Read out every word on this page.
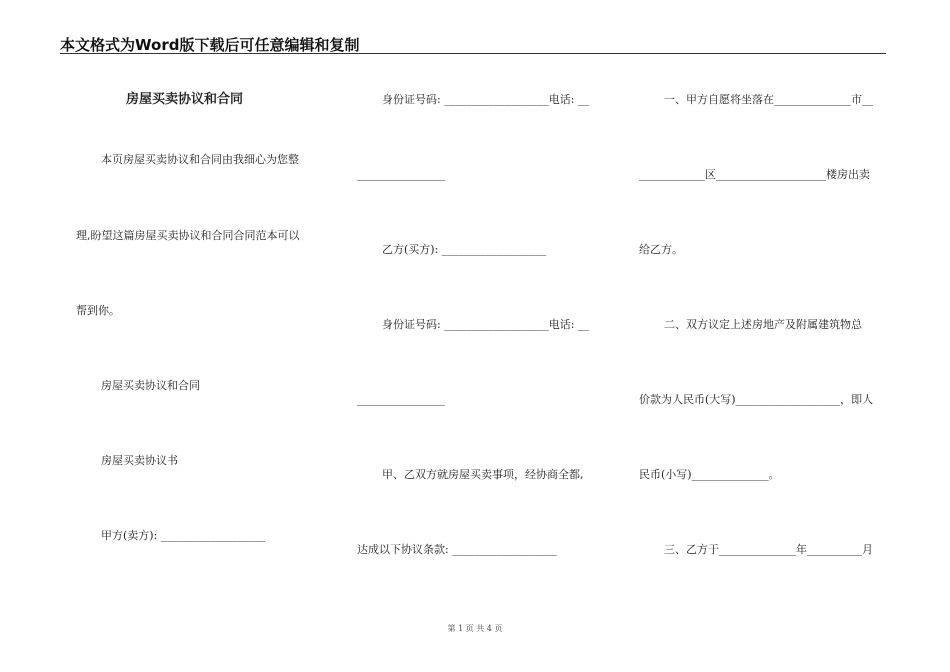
本文格式为Word版下载后可任意编辑和复制
房屋买卖协议和合同
本页房屋买卖协议和合同由我细心为您整
理,盼望这篇房屋买卖协议和合同合同范本可以
帮到你。
房屋买卖协议和合同
房屋买卖协议书
甲方(卖方): ___________________
身份证号码: ___________________电话: __
________________
乙方(买方): ___________________
身份证号码: ___________________电话: __
________________
甲、乙双方就房屋买卖事项，经协商全都,
达成以下协议条款: ___________________
一、甲方自愿将坐落在______________市__
____________区____________________楼房出卖
给乙方。
二、双方议定上述房地产及附属建筑物总
价款为人民币(大写)___________________，即人
民币(小写)______________。
三、乙方于______________年__________月
第 1 页 共 4 页
